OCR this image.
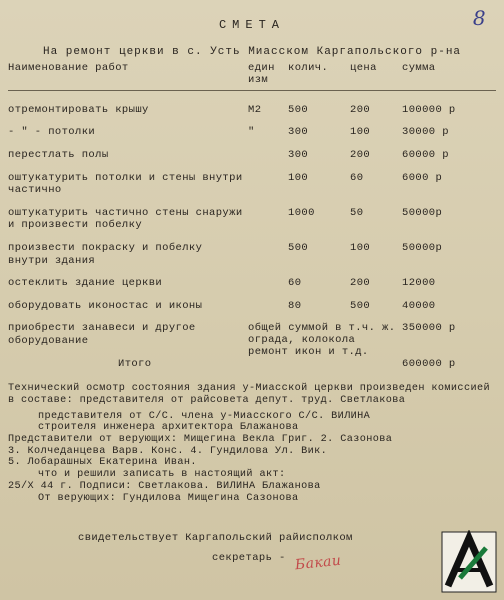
8
СМЕТА
На ремонт церкви в с. Усть Миасском Каргапольского р-на
Наименование работ	един изм	колич.	цена	сумма

отремонтировать крышу	М2	500	200	100000 р
- " - потолки	"	300	100	30000 р
перестлать полы		300	200	60000 р
оштукатурить потолки и стены внутри частично		100	60	6000 р
оштукатурить частично стены снаружи и произвести побелку		1000	50	50000р
произвести покраску и побелку внутри здания		500	100	50000р
остеклить здание церкви		60	200	12000
оборудовать иконостас и иконы		80	500	40000
приобрести занавеси и другое оборудование	общей суммой в т.ч. ж. ограда, колокола ремонт икон и т.д.			350000 р
Итого				600000 р

Технический осмотр состояния здания у-Миасской церкви произведен комиссией в составе: представителя от райсовета депут. труд. Светлакова

представителя от С/С. члена у-Миасского С/С. ВИЛИНА

строителя инженера архитектора Блажанова

Представители от верующих: Мищегина Векла Григ. 2. Сазонова

3. Колчеданцева Варв. Конс. 4. Гундилова Ул. Вик.

5. Лобарашных Екатерина Иван.

что и решили записать в настоящий акт:

25/Х 44 г. Подписи: Светлакова. ВИЛИНА Блажанова

От верующих: Гундилова Мищегина Сазонова

свидетельствует Каргапольский райисполком
секретарь - Бакаи
